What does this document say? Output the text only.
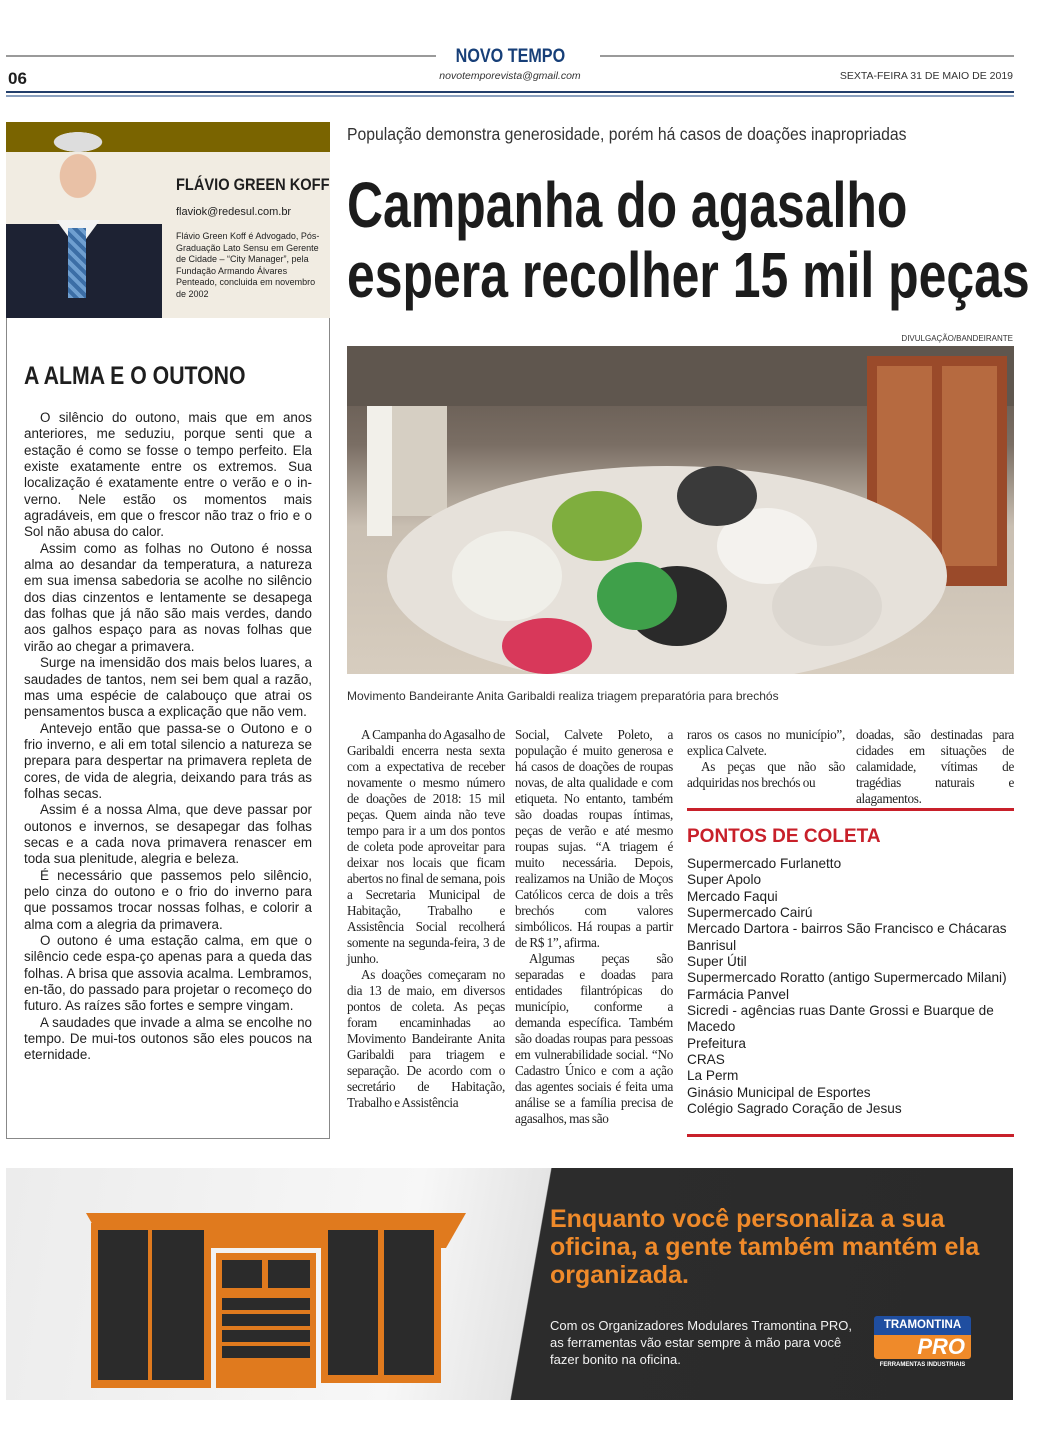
NOVO TEMPO
novotemporevista@gmail.com
06	SEXTA-FEIRA 31 DE MAIO DE 2019
FLÁVIO GREEN KOFF
flaviok@redesul.com.br
Flávio Green Koff é Advogado, Pós-Graduação Lato Sensu em Gerente de Cidade – “City Manager”, pela Fundação Armando Álvares Penteado, concluida em novembro de 2002
A ALMA E O OUTONO

O silêncio do outono, mais que em anos anteriores, me seduziu, porque senti que a estação é como se fosse o tempo perfeito. Ela existe exatamente entre os extremos. Sua localização é exatamente entre o verão e o in-verno. Nele estão os momentos mais agradáveis, em que o frescor não traz o frio e o Sol não abusa do calor.

Assim como as folhas no Outono é nossa alma ao desandar da temperatura, a natureza em sua imensa sabedoria se acolhe no silêncio dos dias cinzentos e lentamente se desapega das folhas que já não são mais verdes, dando aos galhos espaço para as novas folhas que virão ao chegar a primavera.

Surge na imensidão dos mais belos luares, a saudades de tantos, nem sei bem qual a razão, mas uma espécie de calabouço que atrai os pensamentos busca a explicação que não vem.

Antevejo então que passa-se o Outono e o frio inverno, e ali em total silencio a natureza se prepara para despertar na primavera repleta de cores, de vida de alegria, deixando para trás as folhas secas.

Assim é a nossa Alma, que deve passar por outonos e invernos, se desapegar das folhas secas e a cada nova primavera renascer em toda sua plenitude, alegria e beleza.

É necessário que passemos pelo silêncio, pelo cinza do outono e o frio do inverno para que possamos trocar nossas folhas, e colorir a alma com a alegria da primavera.

O outono é uma estação calma, em que o silêncio cede espa-ço apenas para a queda das folhas. A brisa que assovia acalma. Lembramos, en-tão, do passado para projetar o recomeço do futuro. As raízes são fortes e sempre vingam.

A saudades que invade a alma se encolhe no tempo. De mui-tos outonos são eles poucos na eternidade.

População demonstra generosidade, porém há casos de doações inapropriadas
Campanha do agasalho
espera recolher 15 mil peças
DIVULGAÇÃO/BANDEIRANTE
Movimento Bandeirante Anita Garibaldi realiza triagem preparatória para brechós

A Campanha do Agasalho de Garibaldi encerra nesta sexta com a expectativa de receber novamente o mesmo número de doações de 2018: 15 mil peças. Quem ainda não teve tempo para ir a um dos pontos de coleta pode aproveitar para deixar nos locais que ficam abertos no final de semana, pois a Secretaria Municipal de Habitação, Trabalho e Assistência Social recolherá somente na segunda-feira, 3 de junho.

As doações começaram no dia 13 de maio, em diversos pontos de coleta. As peças foram encaminhadas ao Movimento Bandeirante Anita Garibaldi para triagem e separação. De acordo com o secretário de Habitação, Trabalho e Assistência

Social, Calvete Poleto, a população é muito generosa e há casos de doações de roupas novas, de alta qualidade e com etiqueta. No entanto, também são doadas roupas íntimas, peças de verão e até mesmo roupas sujas. “A triagem é muito necessária. Depois, realizamos na União de Moços Católicos cerca de dois a três brechós com valores simbólicos. Há roupas a partir de R$ 1”, afirma.

Algumas peças são separadas e doadas para entidades filantrópicas do município, conforme a demanda específica. Também são doadas roupas para pessoas em vulnerabilidade social. “No Cadastro Único e com a ação das agentes sociais é feita uma análise se a família precisa de agasalhos, mas são

raros os casos no município”, explica Calvete.

As peças que não são adquiridas nos brechós ou

doadas, são destinadas para cidades em situações de calamidade, vítimas de tragédias naturais e alagamentos.

PONTOS DE COLETA
Supermercado Furlanetto
Super Apolo
Mercado Faqui
Supermercado Cairú
Mercado Dartora - bairros São Francisco e Chácaras
Banrisul
Super Útil
Supermercado Roratto (antigo Supermercado Milani)
Farmácia Panvel
Sicredi - agências ruas Dante Grossi e Buarque de Macedo
Prefeitura
CRAS
La Perm
Ginásio Municipal de Esportes
Colégio Sagrado Coração de Jesus
Enquanto você personaliza a sua oficina, a gente também mantém ela organizada.
Com os Organizadores Modulares Tramontina PRO, as ferramentas vão estar sempre à mão para você fazer bonito na oficina.
TRAMONTINA
PRO
FERRAMENTAS INDUSTRIAIS
